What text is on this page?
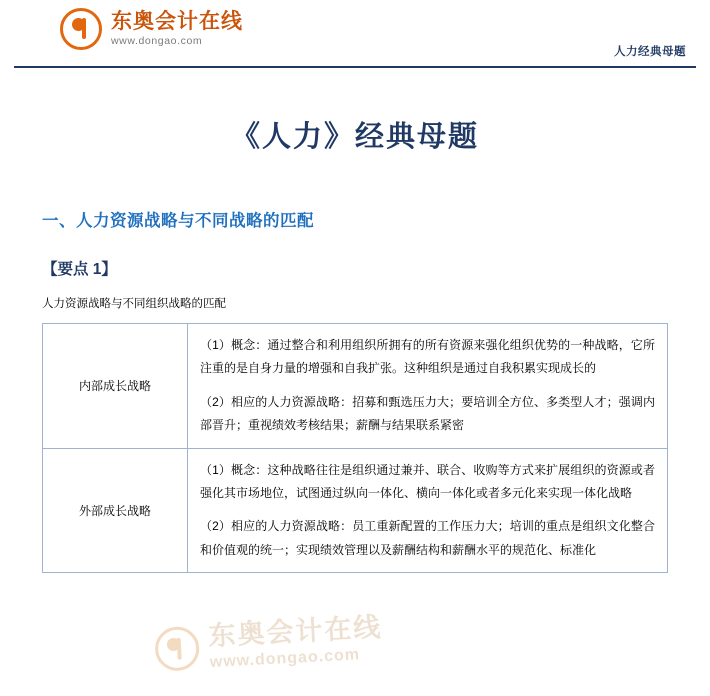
东奥会计在线
www.dongao.com
人力经典母题
《人力》经典母题
一、人力资源战略与不同战略的匹配
【要点 1】
人力资源战略与不同组织战略的匹配
内部成长战略	（1）概念：通过整合和利用组织所拥有的所有资源来强化组织优势的一种战略，它所注重的是自身力量的增强和自我扩张。这种组织是通过自我积累实现成长的

（2）相应的人力资源战略：招募和甄选压力大；要培训全方位、多类型人才；强调内部晋升；重视绩效考核结果；薪酬与结果联系紧密

外部成长战略	（1）概念：这种战略往往是组织通过兼并、联合、收购等方式来扩展组织的资源或者强化其市场地位，试图通过纵向一体化、横向一体化或者多元化来实现一体化战略

（2）相应的人力资源战略：员工重新配置的工作压力大；培训的重点是组织文化整合和价值观的统一；实现绩效管理以及薪酬结构和薪酬水平的规范化、标准化

东奥会计在线
www.dongao.com
